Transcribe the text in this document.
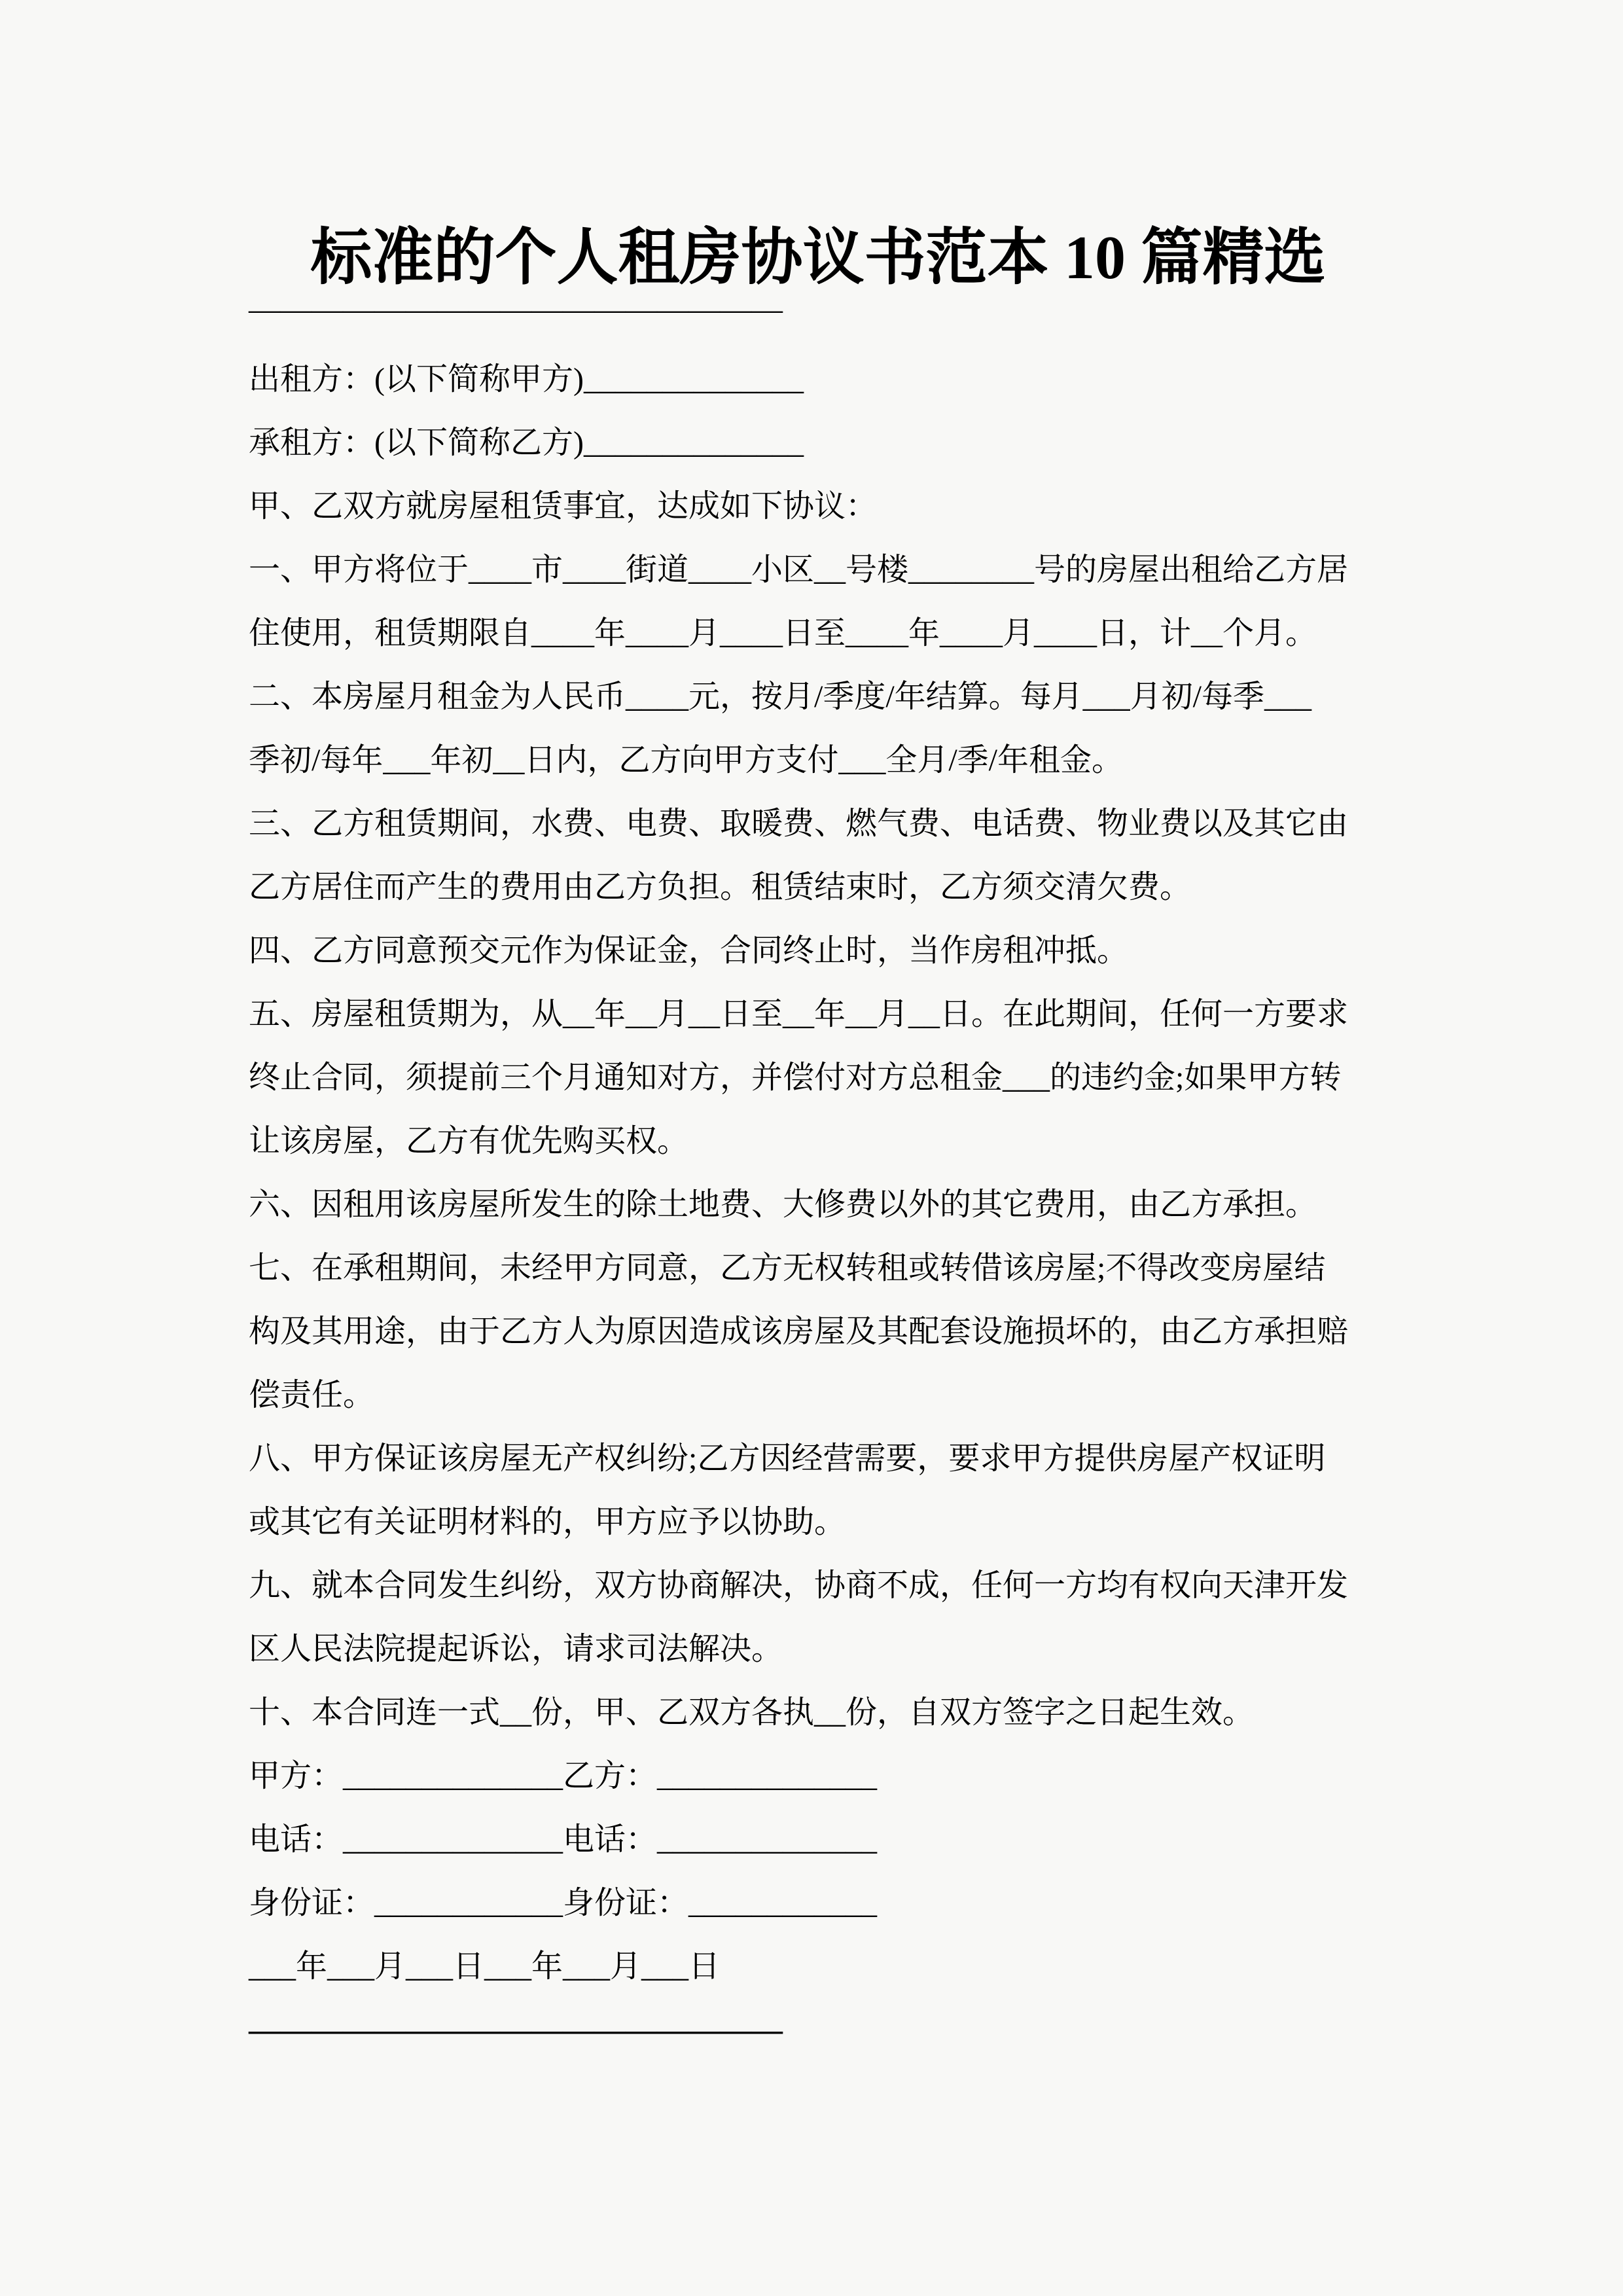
标准的个人租房协议书范本 10 篇精选
—————————————————
出租方：(以下简称甲方)______________
承租方：(以下简称乙方)______________
甲、乙双方就房屋租赁事宜，达成如下协议：
一、甲方将位于____市____街道____小区__号楼________号的房屋出租给乙方居
住使用，租赁期限自____年____月____日至____年____月____日，计__个月。
二、本房屋月租金为人民币____元，按月/季度/年结算。每月___月初/每季___
季初/每年___年初__日内，乙方向甲方支付___全月/季/年租金。
三、乙方租赁期间，水费、电费、取暖费、燃气费、电话费、物业费以及其它由
乙方居住而产生的费用由乙方负担。租赁结束时，乙方须交清欠费。
四、乙方同意预交元作为保证金，合同终止时，当作房租冲抵。
五、房屋租赁期为，从__年__月__日至__年__月__日。在此期间，任何一方要求
终止合同，须提前三个月通知对方，并偿付对方总租金___的违约金;如果甲方转
让该房屋，乙方有优先购买权。
六、因租用该房屋所发生的除土地费、大修费以外的其它费用，由乙方承担。
七、在承租期间，未经甲方同意，乙方无权转租或转借该房屋;不得改变房屋结
构及其用途，由于乙方人为原因造成该房屋及其配套设施损坏的，由乙方承担赔
偿责任。
八、甲方保证该房屋无产权纠纷;乙方因经营需要，要求甲方提供房屋产权证明
或其它有关证明材料的，甲方应予以协助。
九、就本合同发生纠纷，双方协商解决，协商不成，任何一方均有权向天津开发
区人民法院提起诉讼，请求司法解决。
十、本合同连一式__份，甲、乙双方各执__份，自双方签字之日起生效。
甲方：______________乙方：______________
电话：______________电话：______________
身份证：____________身份证：____________
___年___月___日___年___月___日
—————————————————
